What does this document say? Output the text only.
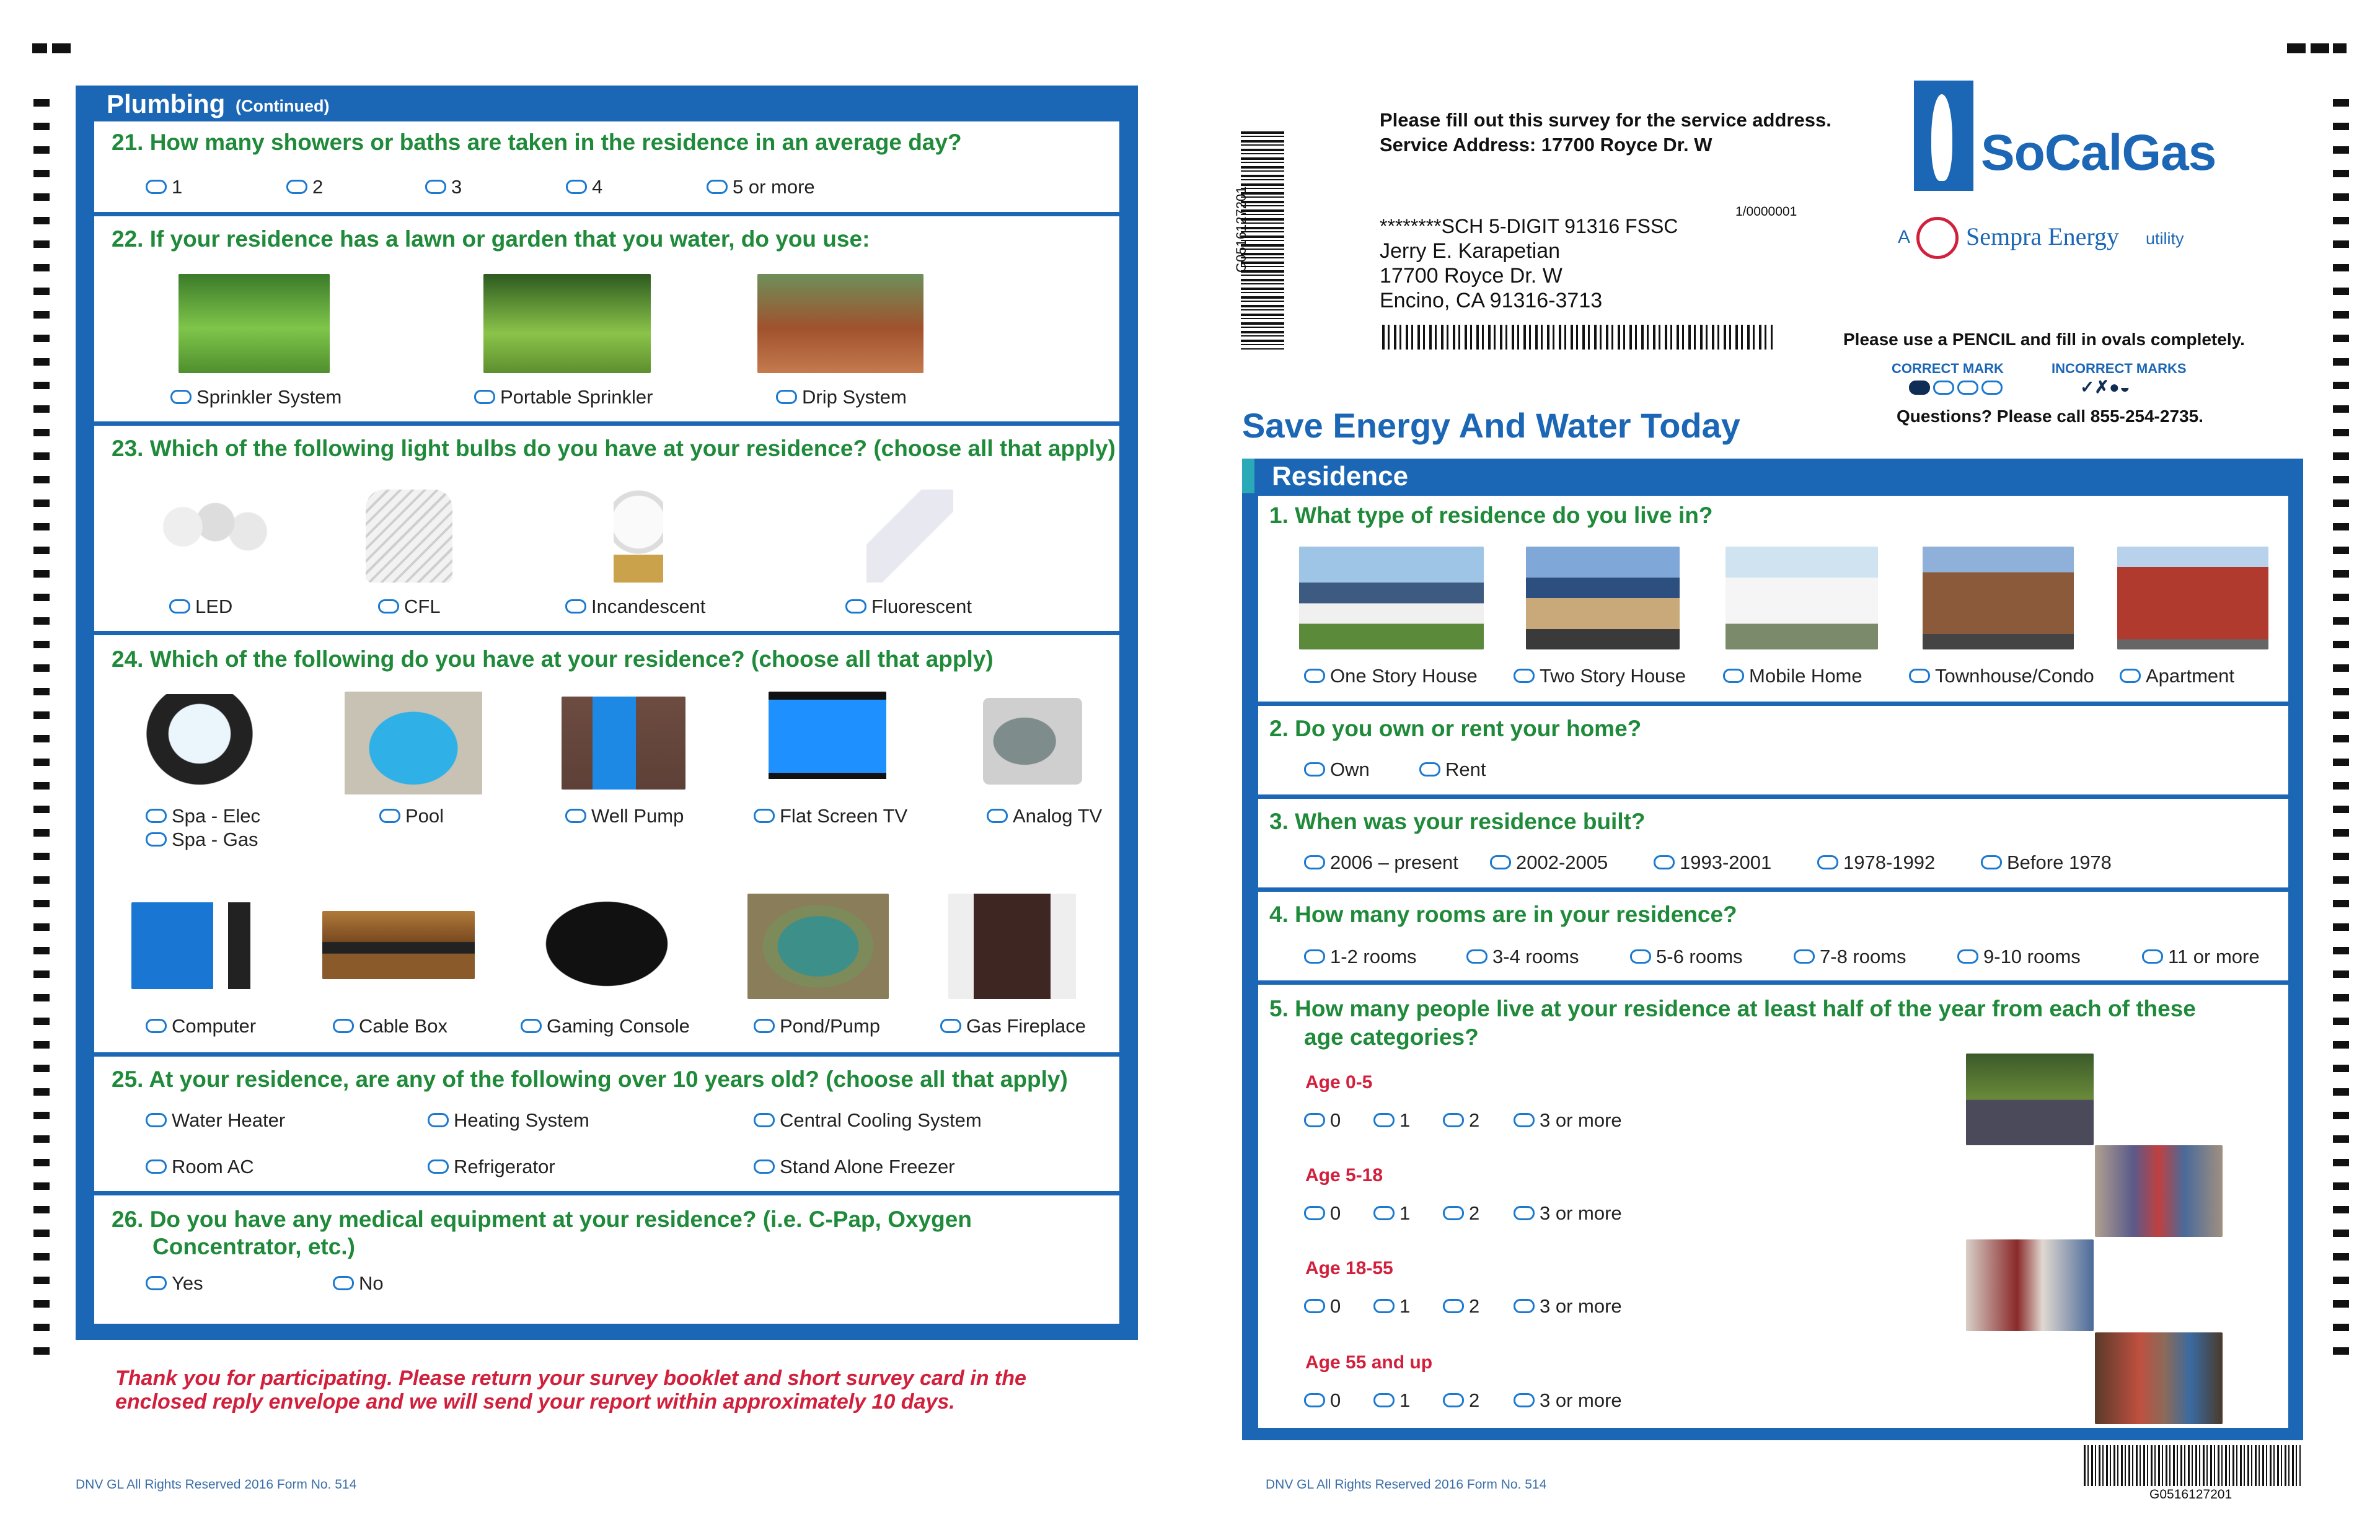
Plumbing (Continued)
21. How many showers or baths are taken in the residence in an average day?
1	2	3	4	5 or more
22. If your residence has a lawn or garden that you water, do you use:
Sprinkler System	Portable Sprinkler	Drip System
23. Which of the following light bulbs do you have at your residence? (choose all that apply)
LED	CFL	Incandescent	Fluorescent
24. Which of the following do you have at your residence? (choose all that apply)
Spa - Elec
Spa - Gas
Pool	Well Pump	Flat Screen TV	Analog TV
Computer	Cable Box	Gaming Console	Pond/Pump	Gas Fireplace
25. At your residence, are any of the following over 10 years old? (choose all that apply)
Water Heater	Heating System	Central Cooling System
Room AC	Refrigerator	Stand Alone Freezer
26. Do you have any medical equipment at your residence? (i.e. C-Pap, Oxygen
Concentrator, etc.)
Yes	No
Thank you for participating. Please return your survey booklet and short survey card in the
enclosed reply envelope and we will send your report within approximately 10 days.
DNV GL All Rights Reserved 2016 Form No. 514
G0516127201
Please fill out this survey for the service address.
Service Address: 17700 Royce Dr. W
1/0000001
********SCH 5-DIGIT 91316 FSSC
Jerry E. Karapetian
17700 Royce Dr. W
Encino, CA 91316-3713
SoCalGas
A Sempra Energy utility
Please use a PENCIL and fill in ovals completely.
CORRECT MARK	INCORRECT MARKS
✓✗●◒
Questions? Please call 855-254-2735.
Save Energy And Water Today
Residence
1. What type of residence do you live in?
One Story House	Two Story House	Mobile Home	Townhouse/Condo	Apartment
2. Do you own or rent your home?
Own	Rent
3. When was your residence built?
2006 – present	2002-2005	1993-2001	1978-1992	Before 1978
4. How many rooms are in your residence?
1-2 rooms	3-4 rooms	5-6 rooms	7-8 rooms	9-10 rooms	11 or more
5. How many people live at your residence at least half of the year from each of these
age categories?
Age 0-5
0	1	2	3 or more
Age 5-18
0	1	2	3 or more
Age 18-55
0	1	2	3 or more
Age 55 and up
0	1	2	3 or more
DNV GL All Rights Reserved 2016 Form No. 514
G0516127201
